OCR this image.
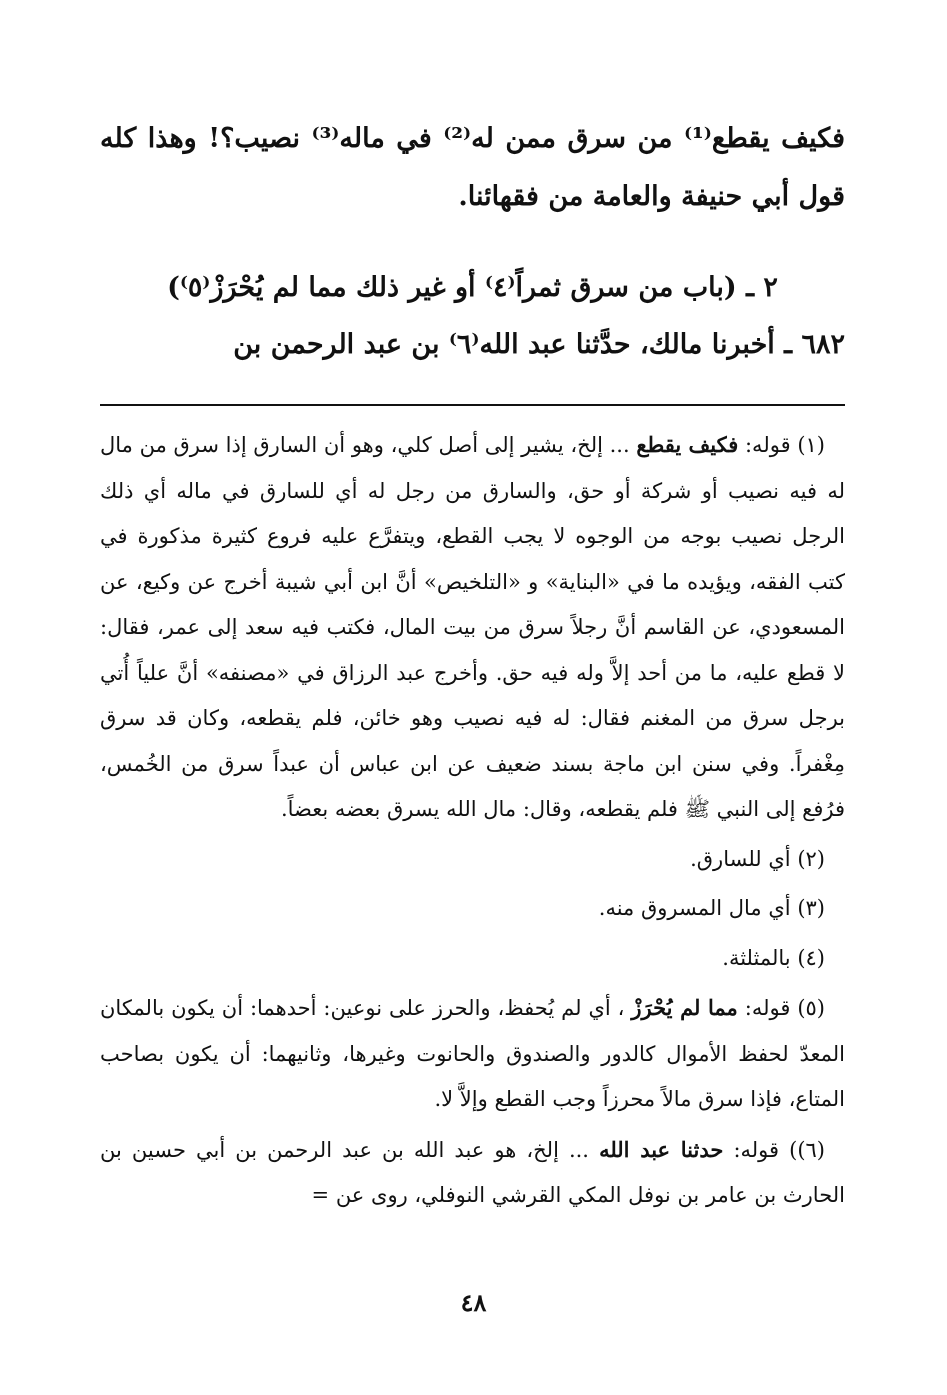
فكيف يقطع⁽¹⁾ من سرق ممن له⁽²⁾ في ماله⁽³⁾ نصيب؟! وهذا كله قول أبي حنيفة والعامة من فقهائنا.

٢ ـ (باب من سرق ثمراً⁽٤⁾ أو غير ذلك مما لم يُحْرَزْ⁽٥⁾)

٦٨٢ ـ أخبرنا مالك، حدَّثنا عبد الله⁽٦⁾ بن عبد الرحمن بن

(١) قوله: فكيف يقطع ... إلخ، يشير إلى أصل كلي، وهو أن السارق إذا سرق من مال له فيه نصيب أو شركة أو حق، والسارق من رجل له أي للسارق في ماله أي ذلك الرجل نصيب بوجه من الوجوه لا يجب القطع، ويتفرَّع عليه فروع كثيرة مذكورة في كتب الفقه، ويؤيده ما في «البناية» و «التلخيص» أنَّ ابن أبي شيبة أخرج عن وكيع، عن المسعودي، عن القاسم أنَّ رجلاً سرق من بيت المال، فكتب فيه سعد إلى عمر، فقال: لا قطع عليه، ما من أحد إلاَّ وله فيه حق. وأخرج عبد الرزاق في «مصنفه» أنَّ علياً أُتي برجل سرق من المغنم فقال: له فيه نصيب وهو خائن، فلم يقطعه، وكان قد سرق مِغْفراً. وفي سنن ابن ماجة بسند ضعيف عن ابن عباس أن عبداً سرق من الخُمس، فرُفع إلى النبي ﷺ فلم يقطعه، وقال: مال الله يسرق بعضه بعضاً.

(٢) أي للسارق.

(٣) أي مال المسروق منه.

(٤) بالمثلثة.

(٥) قوله: مما لم يُحْرَزْ ، أي لم يُحفظ، والحرز على نوعين: أحدهما: أن يكون بالمكان المعدّ لحفظ الأموال كالدور والصندوق والحانوت وغيرها، وثانيهما: أن يكون بصاحب المتاع، فإذا سرق مالاً محرزاً وجب القطع وإلاَّ لا.

(٦)) قوله: حدثنا عبد الله ... إلخ، هو عبد الله بن عبد الرحمن بن أبي حسين بن الحارث بن عامر بن نوفل المكي القرشي النوفلي، روى عن =

٤٨
